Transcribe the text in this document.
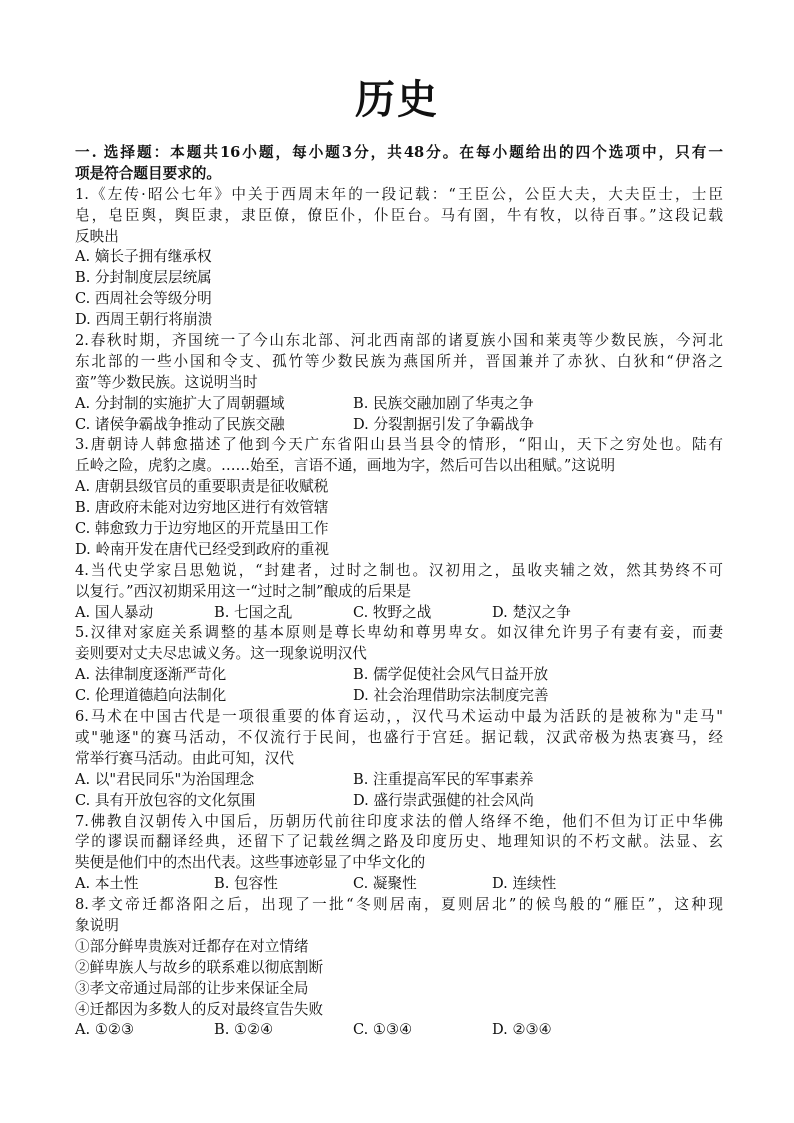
历史
一. 选择题：本题共16小题，每小题3分，共48分。在每小题给出的四个选项中，只有一
项是符合题目要求的。
1.《左传·昭公七年》中关于西周末年的一段记载：“王臣公，公臣大夫，大夫臣士，士臣
皂，皂臣舆，舆臣隶，隶臣僚，僚臣仆，仆臣台。马有圉，牛有牧，以待百事。”这段记载
反映出
A. 嫡长子拥有继承权
B. 分封制度层层统属
C. 西周社会等级分明
D. 西周王朝行将崩溃
2.春秋时期，齐国统一了今山东北部、河北西南部的诸夏族小国和莱夷等少数民族，今河北
东北部的一些小国和令支、孤竹等少数民族为燕国所并，晋国兼并了赤狄、白狄和“伊洛之
蛮”等少数民族。这说明当时
A. 分封制的实施扩大了周朝疆域	B. 民族交融加剧了华夷之争
C. 诸侯争霸战争推动了民族交融	D. 分裂割据引发了争霸战争
3.唐朝诗人韩愈描述了他到今天广东省阳山县当县令的情形，“阳山，天下之穷处也。陆有
丘岭之险，虎豹之虞。……始至，言语不通，画地为字，然后可告以出租赋。”这说明
A. 唐朝县级官员的重要职责是征收赋税
B. 唐政府未能对边穷地区进行有效管辖
C. 韩愈致力于边穷地区的开荒垦田工作
D. 岭南开发在唐代已经受到政府的重视
4.当代史学家吕思勉说，“封建者，过时之制也。汉初用之，虽收夹辅之效，然其势终不可
以复行。”西汉初期采用这一“过时之制”酿成的后果是
A. 国人暴动	B. 七国之乱	C. 牧野之战	D. 楚汉之争
5.汉律对家庭关系调整的基本原则是尊长卑幼和尊男卑女。如汉律允许男子有妻有妾，而妻
妾则要对丈夫尽忠诚义务。这一现象说明汉代
A. 法律制度逐渐严苛化	B. 儒学促使社会风气日益开放
C. 伦理道德趋向法制化	D. 社会治理借助宗法制度完善
6.马术在中国古代是一项很重要的体育运动，，汉代马术运动中最为活跃的是被称为"走马"
或"驰逐"的赛马活动，不仅流行于民间，也盛行于宫廷。据记载，汉武帝极为热衷赛马，经
常举行赛马活动。由此可知，汉代
A. 以"君民同乐"为治国理念	B. 注重提高军民的军事素养
C. 具有开放包容的文化氛围	D. 盛行崇武强健的社会风尚
7.佛教自汉朝传入中国后，历朝历代前往印度求法的僧人络绎不绝，他们不但为订正中华佛
学的谬误而翻译经典，还留下了记载丝绸之路及印度历史、地理知识的不朽文献。法显、玄
奘便是他们中的杰出代表。这些事迹彰显了中华文化的
A. 本土性	B. 包容性	C. 凝聚性	D. 连续性
8.孝文帝迁都洛阳之后，出现了一批“冬则居南，夏则居北”的候鸟般的“雁臣”，这种现
象说明
①部分鲜卑贵族对迁都存在对立情绪
②鲜卑族人与故乡的联系难以彻底割断
③孝文帝通过局部的让步来保证全局
④迁都因为多数人的反对最终宣告失败
A. ①②③	B. ①②④	C. ①③④	D. ②③④
